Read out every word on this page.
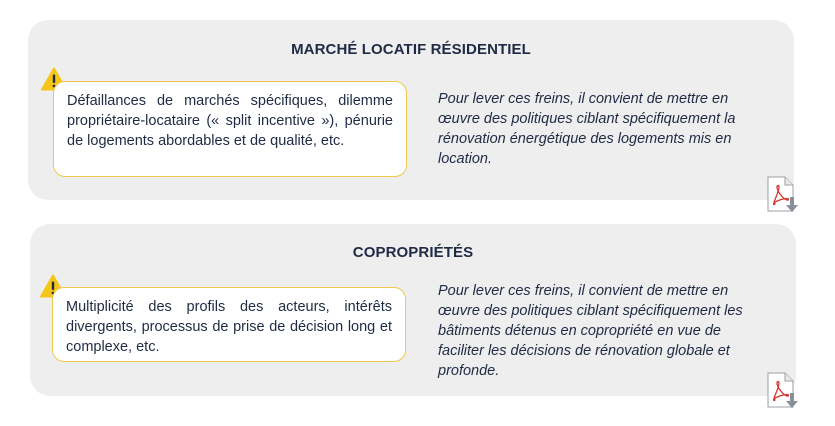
MARCHÉ LOCATIF RÉSIDENTIEL
Défaillances de marchés spécifiques, dilemme propriétaire-locataire (« split incentive »), pénurie de logements abordables et de qualité, etc.
Pour lever ces freins, il convient de mettre en œuvre des politiques ciblant spécifiquement la rénovation énergétique des logements mis en location.
COPROPRIÉTÉS
Multiplicité des profils des acteurs, intérêts divergents, processus de prise de décision long et complexe, etc.
Pour lever ces freins, il convient de mettre en œuvre des politiques ciblant spécifiquement les bâtiments détenus en copropriété en vue de faciliter les décisions de rénovation globale et profonde.
